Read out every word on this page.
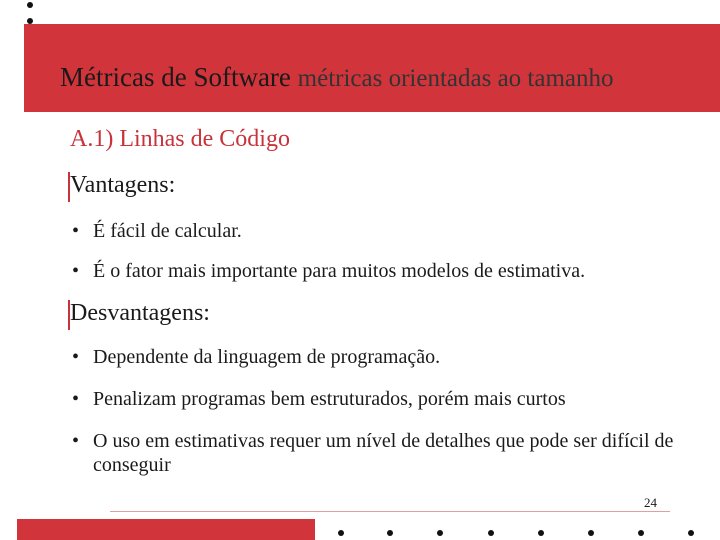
Métricas de Software métricas orientadas ao tamanho
A.1) Linhas de Código
Vantagens:
• É fácil de calcular.
• É o fator mais importante para muitos modelos de estimativa.
Desvantagens:
• Dependente da linguagem de programação.
• Penalizam programas bem estruturados, porém mais curtos
• O uso em estimativas requer um nível de detalhes que pode ser difícil de conseguir
24
